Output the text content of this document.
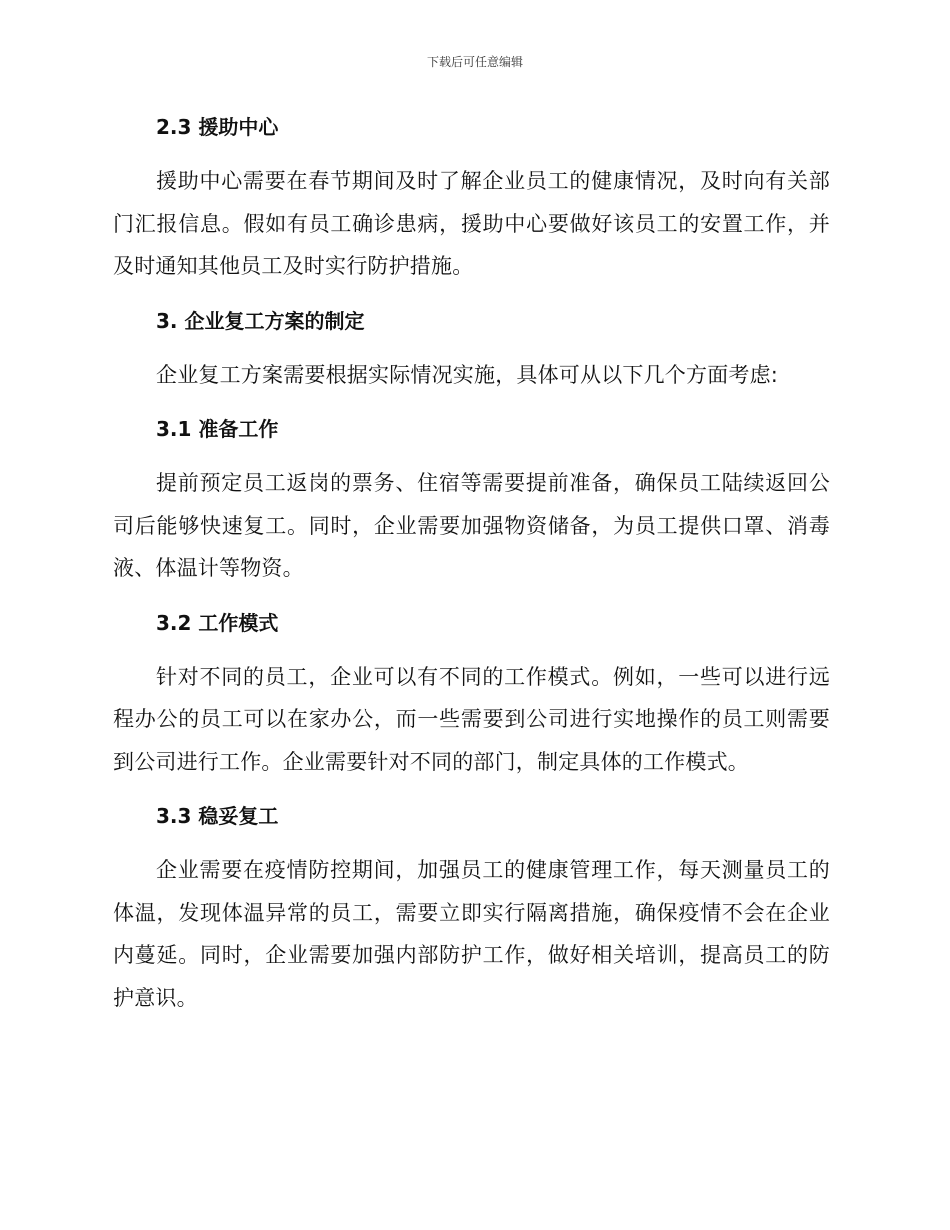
下载后可任意编辑
2.3 援助中心

援助中心需要在春节期间及时了解企业员工的健康情况，及时向有关部门汇报信息。假如有员工确诊患病，援助中心要做好该员工的安置工作，并及时通知其他员工及时实行防护措施。

3. 企业复工方案的制定

企业复工方案需要根据实际情况实施，具体可从以下几个方面考虑:

3.1 准备工作

提前预定员工返岗的票务、住宿等需要提前准备，确保员工陆续返回公司后能够快速复工。同时，企业需要加强物资储备，为员工提供口罩、消毒液、体温计等物资。

3.2 工作模式

针对不同的员工，企业可以有不同的工作模式。例如，一些可以进行远程办公的员工可以在家办公，而一些需要到公司进行实地操作的员工则需要到公司进行工作。企业需要针对不同的部门，制定具体的工作模式。

3.3 稳妥复工

企业需要在疫情防控期间，加强员工的健康管理工作，每天测量员工的体温，发现体温异常的员工，需要立即实行隔离措施，确保疫情不会在企业内蔓延。同时，企业需要加强内部防护工作，做好相关培训，提高员工的防护意识。
